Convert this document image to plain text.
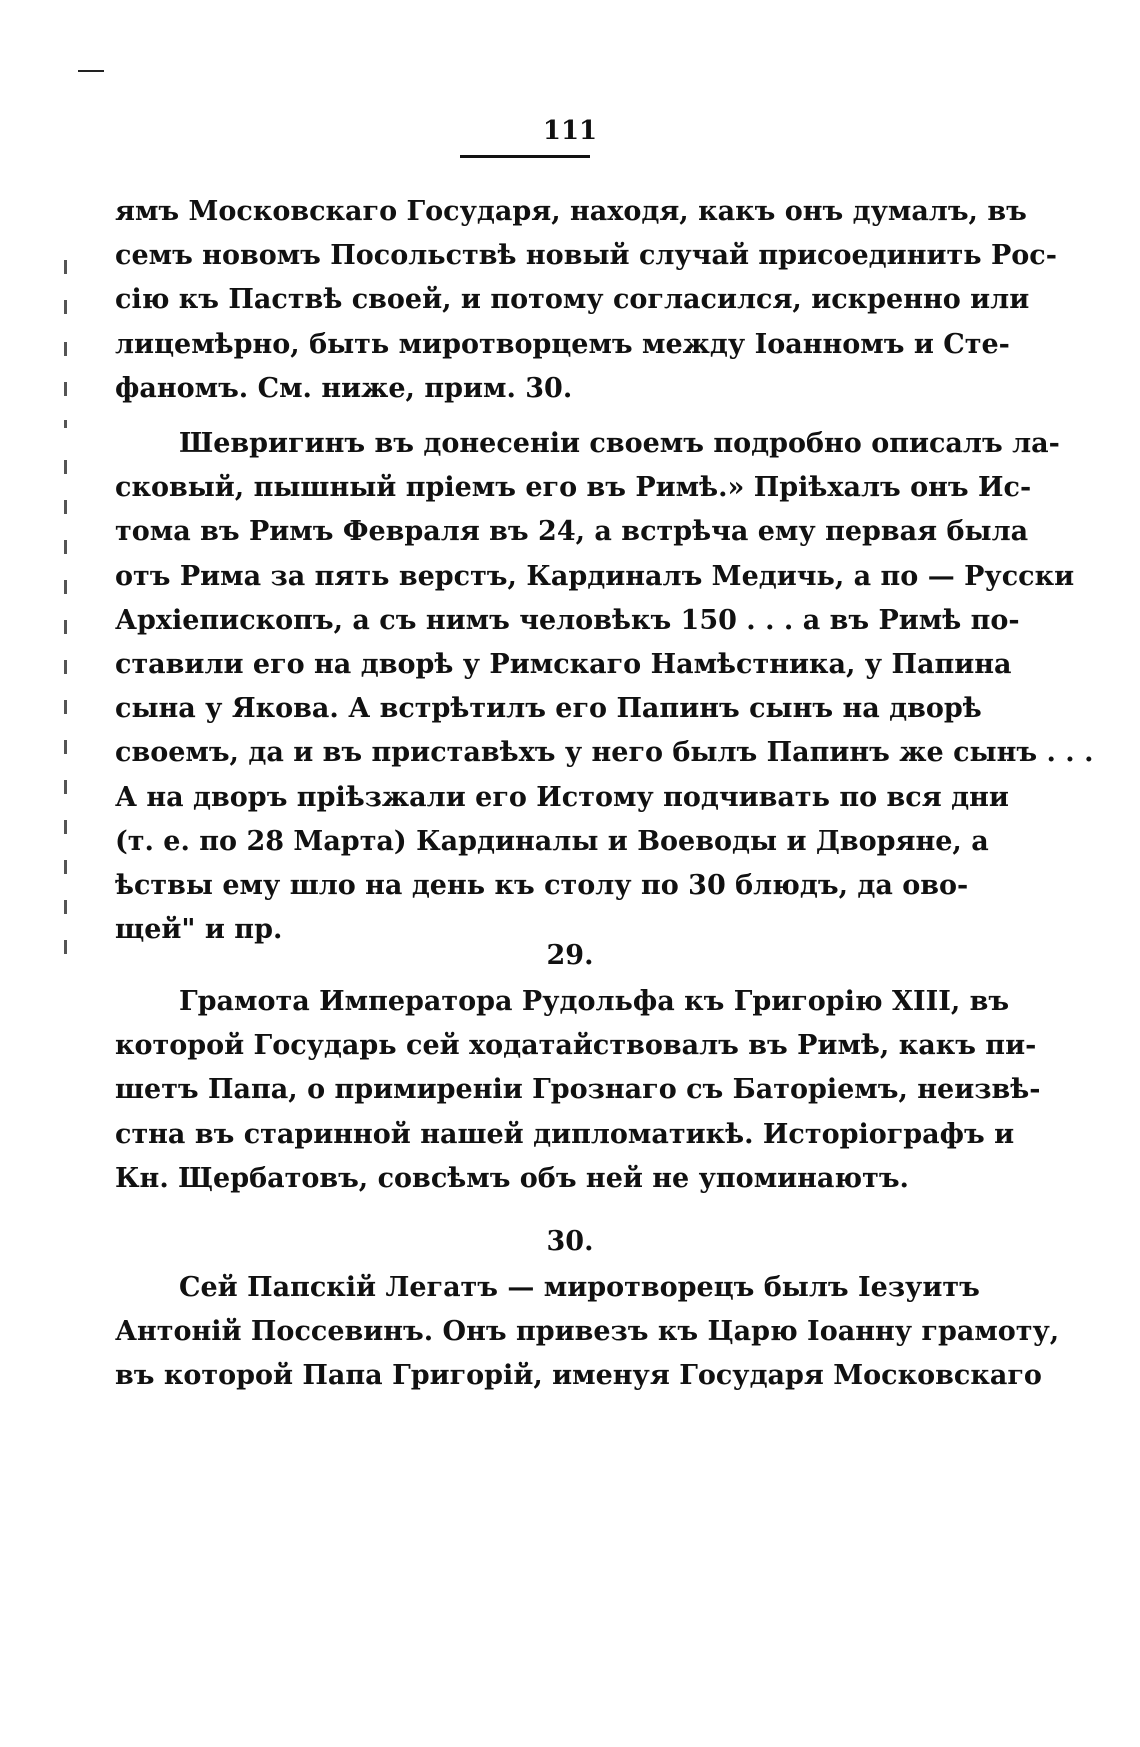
111
ямъ Московскаго Государя, находя, какъ онъ думалъ, въ
семъ новомъ Посольствѣ новый случай присоединить Рос-
сію къ Паствѣ своей, и потому согласился, искренно или
лицемѣрно, быть миротворцемъ между Іоанномъ и Сте-
фаномъ. См. ниже, прим. 30.
Шевригинъ въ донесеніи своемъ подробно описалъ ла-
сковый, пышный пріемъ его въ Римѣ.» Пріѣхалъ онъ Ис-
тома въ Римъ Февраля въ 24, а встрѣча ему первая была
отъ Рима за пять верстъ, Кардиналъ Медичь, а по — Русски
Архіепископъ, а съ нимъ человѣкъ 150 . . . а въ Римѣ по-
ставили его на дворѣ у Римскаго Намѣстника, у Папина
сына у Якова. А встрѣтилъ его Папинъ сынъ на дворѣ
своемъ, да и въ приставѣхъ у него былъ Папинъ же сынъ . . .
А на дворъ пріѣзжали его Истому подчивать по вся дни
(т. е. по 28 Марта) Кардиналы и Воеводы и Дворяне, а
ѣствы ему шло на день къ столу по 30 блюдъ, да ово-
щей" и пр.
29.
Грамота Императора Рудольфа къ Григорію XIII, въ
которой Государь сей ходатайствовалъ въ Римѣ, какъ пи-
шетъ Папа, о примиреніи Грознаго съ Баторіемъ, неизвѣ-
стна въ старинной нашей дипломатикѣ. Исторіографъ и
Кн. Щербатовъ, совсѣмъ объ ней не упоминаютъ.
30.
Сей Папскій Легатъ — миротворецъ былъ Іезуитъ
Антоній Поссевинъ. Онъ привезъ къ Царю Іоанну грамоту,
въ которой Папа Григорій, именуя Государя Московскаго
